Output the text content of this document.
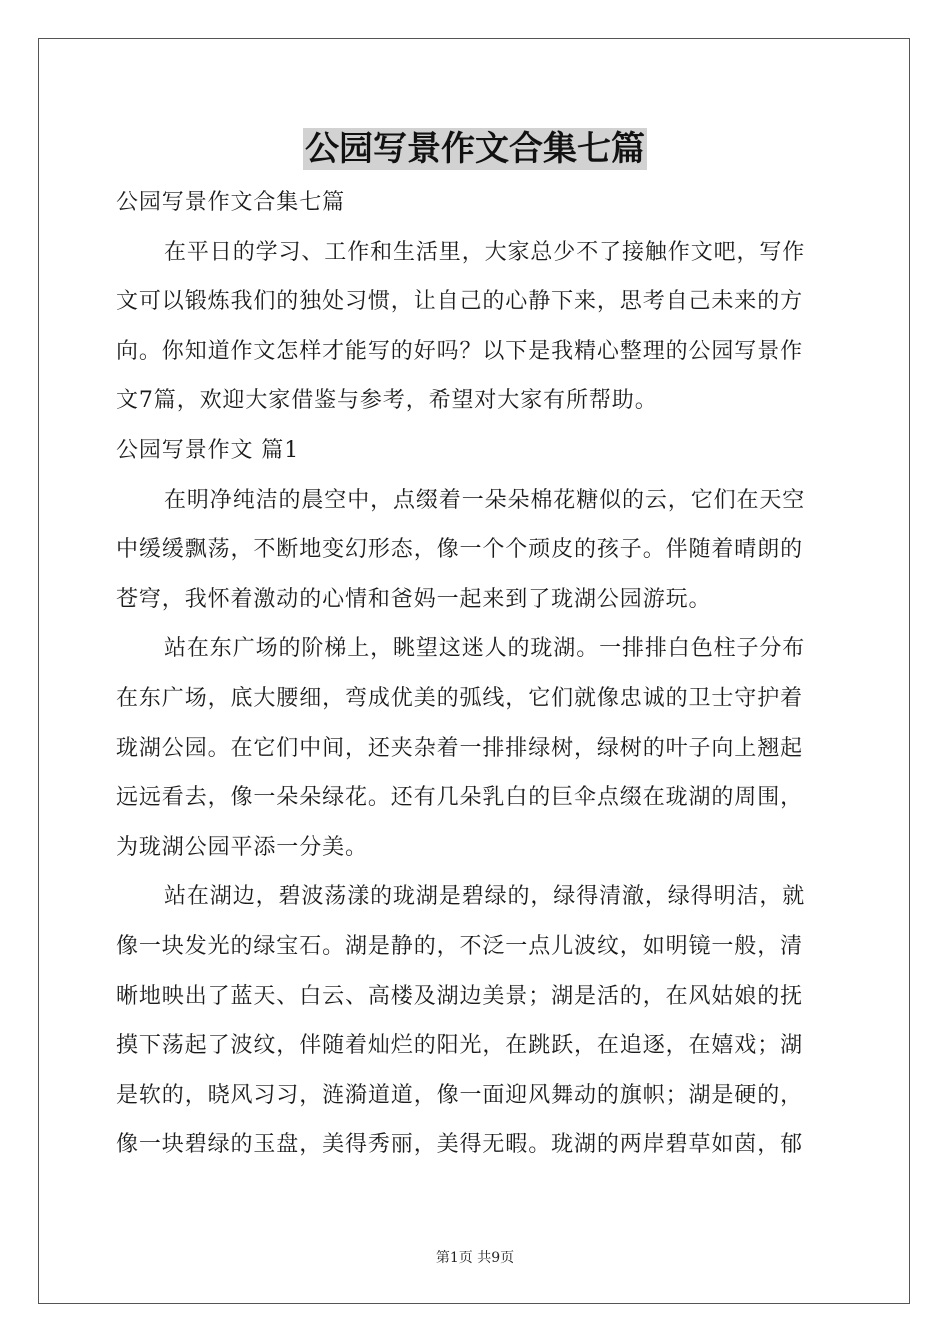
公园写景作文合集七篇

公园写景作文合集七篇

在平日的学习、工作和生活里，大家总少不了接触作文吧，写作

文可以锻炼我们的独处习惯，让自己的心静下来，思考自己未来的方

向。你知道作文怎样才能写的好吗？以下是我精心整理的公园写景作

文7篇，欢迎大家借鉴与参考，希望对大家有所帮助。

公园写景作文 篇1

在明净纯洁的晨空中，点缀着一朵朵棉花糖似的云，它们在天空

中缓缓飘荡，不断地变幻形态，像一个个顽皮的孩子。伴随着晴朗的

苍穹，我怀着激动的心情和爸妈一起来到了珑湖公园游玩。

站在东广场的阶梯上，眺望这迷人的珑湖。一排排白色柱子分布

在东广场，底大腰细，弯成优美的弧线，它们就像忠诚的卫士守护着

珑湖公园。在它们中间，还夹杂着一排排绿树，绿树的叶子向上翘起

远远看去，像一朵朵绿花。还有几朵乳白的巨伞点缀在珑湖的周围，

为珑湖公园平添一分美。

站在湖边，碧波荡漾的珑湖是碧绿的，绿得清澈，绿得明洁，就

像一块发光的绿宝石。湖是静的，不泛一点儿波纹，如明镜一般，清

晰地映出了蓝天、白云、高楼及湖边美景；湖是活的，在风姑娘的抚

摸下荡起了波纹，伴随着灿烂的阳光，在跳跃，在追逐，在嬉戏；湖

是软的，晓风习习，涟漪道道，像一面迎风舞动的旗帜；湖是硬的，

像一块碧绿的玉盘，美得秀丽，美得无暇。珑湖的两岸碧草如茵，郁

第1页 共9页
